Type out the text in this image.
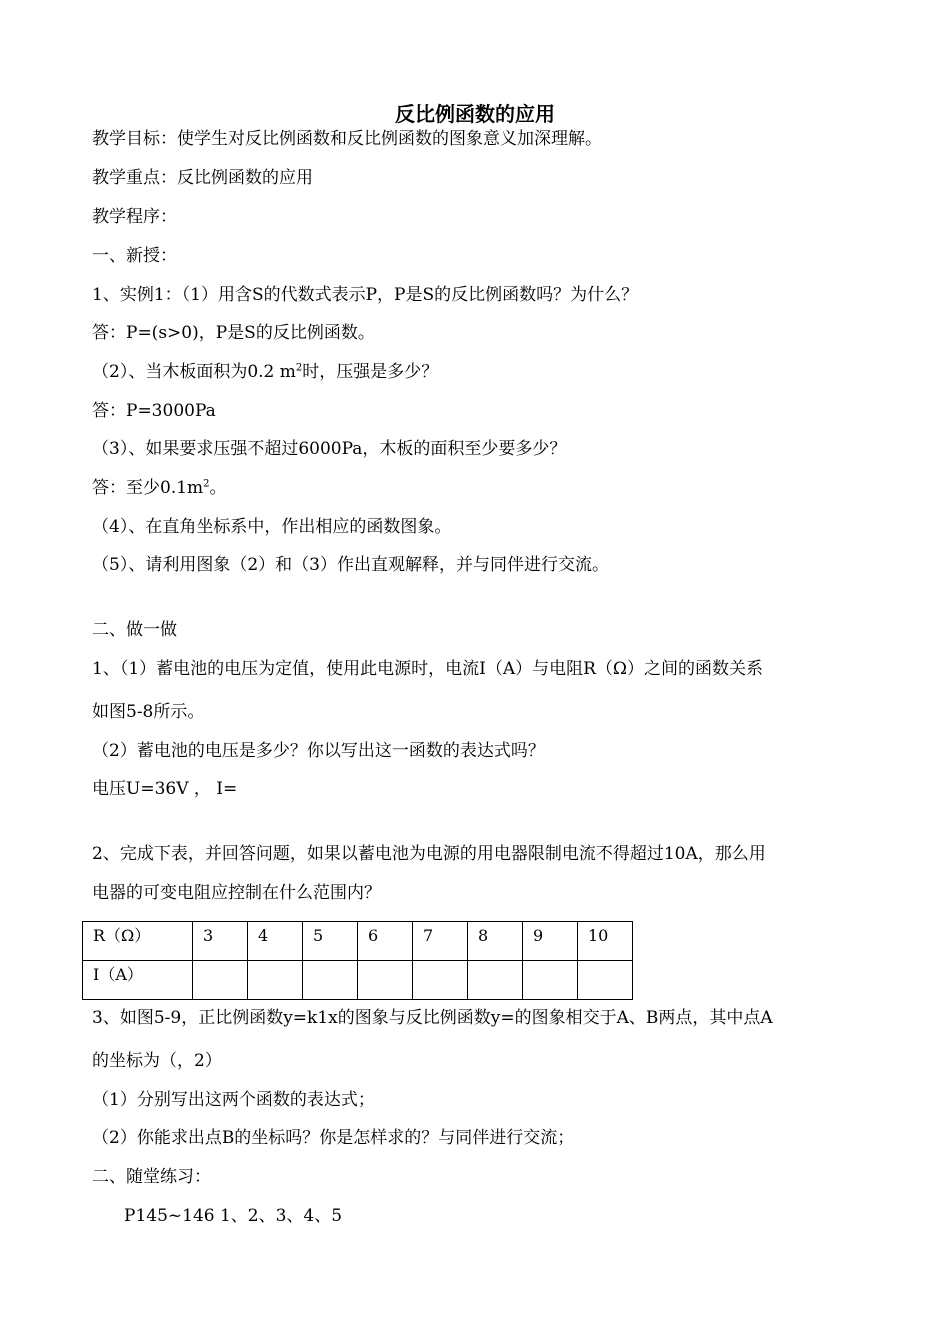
反比例函数的应用
教学目标：使学生对反比例函数和反比例函数的图象意义加深理解。
教学重点：反比例函数的应用
教学程序：
一、新授：
1、实例1：（1）用含S的代数式表示P，P是S的反比例函数吗？为什么？
答：P=(s>0)，P是S的反比例函数。
（2）、当木板面积为0.2 $m^2$时，压强是多少？
答：P=3000Pa
（3）、如果要求压强不超过6000Pa，木板的面积至少要多少？
答：至少$0.1m^2$。
（4）、在直角坐标系中，作出相应的函数图象。
（5）、请利用图象（2）和（3）作出直观解释，并与同伴进行交流。
二、做一做
1、（1）蓄电池的电压为定值，使用此电源时，电流I（A）与电阻R（Ω）之间的函数关系
如图5-8所示。
（2）蓄电池的电压是多少？你以写出这一函数的表达式吗？
电压U=36V ， I=
2、完成下表，并回答问题，如果以蓄电池为电源的用电器限制电流不得超过10A，那么用
电器的可变电阻应控制在什么范围内？
R（Ω）	3	4	5	6	7	8	9	10
I（A）								
3、如图5-9，正比例函数y=k1x的图象与反比例函数y=的图象相交于A、B两点，其中点A
的坐标为（，2）
（1）分别写出这两个函数的表达式；
（2）你能求出点B的坐标吗？你是怎样求的？与同伴进行交流；
二、随堂练习：
P145~146 1、2、3、4、5
